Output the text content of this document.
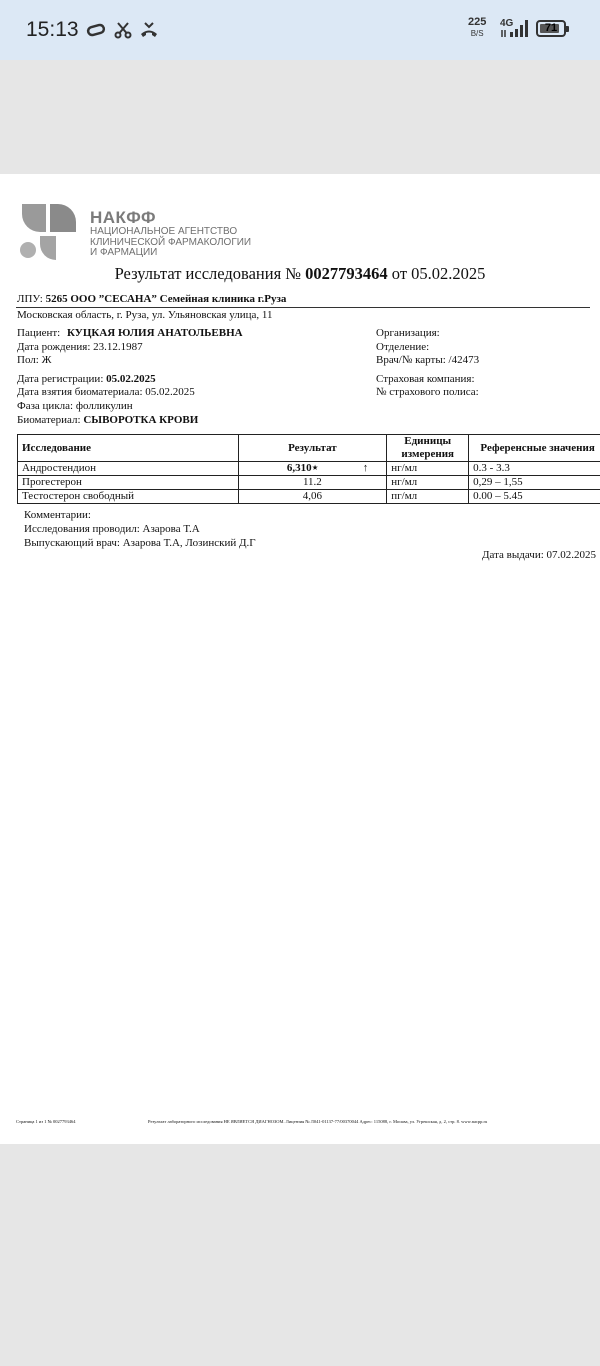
15:13	225
B/S
4G	71
НАКФФ
НАЦИОНАЛЬНОЕ АГЕНТСТВО
КЛИНИЧЕСКОЙ ФАРМАКОЛОГИИ
И ФАРМАЦИИ
Результат исследования № 0027793464 от 05.02.2025
ЛПУ: 5265 ООО ”СЕСАНА” Семейная клиника г.Руза
Московская область, г. Руза, ул. Ульяновская улица, 11
Пациент: КУЦКАЯ ЮЛИЯ АНАТОЛЬЕВНА
Дата рождения: 23.12.1987
Пол: Ж
Организация:
Отделение:
Врач/№ карты: /42473
Дата регистрации: 05.02.2025
Дата взятия биоматериала: 05.02.2025
Фаза цикла: фолликулин
Биоматериал: СЫВОРОТКА КРОВИ
Страховая компания:
№ страхового полиса:
Исследование	Результат	Единицы измерения	Референсные значения
Андростендион	6,310⋆ ↑	нг/мл	0.3 - 3.3
Прогестерон	11.2	нг/мл	0,29 – 1,55
Тестостерон свободный	4,06	пг/мл	0.00 – 5.45
Комментарии:
Исследования проводил: Азарова Т.А
Выпускающий врач: Азарова Т.А, Лозинский Д.Г
Дата выдачи: 07.02.2025
Страница 1 из 1 № 0027793464	Результат лабораторного исследования НЕ ЯВЛЯЕТСЯ ДИАГНОЗОМ. Лицензия № Л041-01137-77/00370044 Адрес: 115088, г. Москва, ул. Угрешская, д. 2, стр. 8. www.nacpp.ru
